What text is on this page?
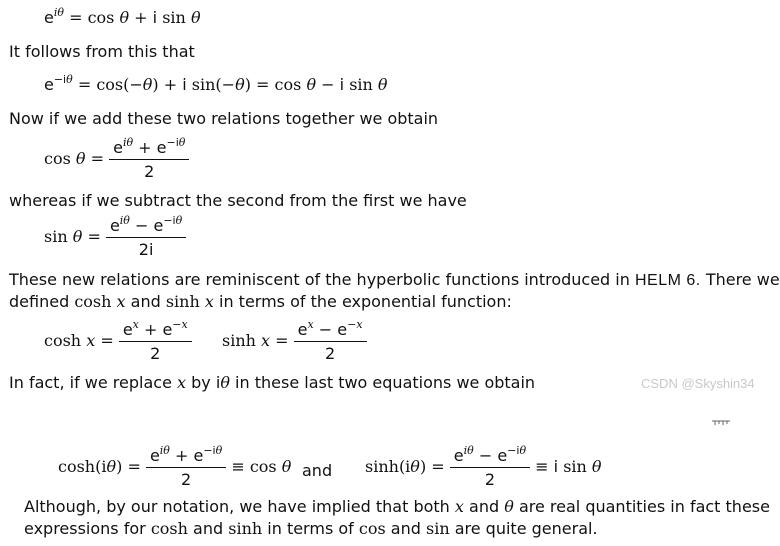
$e^{i\theta} = \cos \theta + i$ sin θ
It follows from this that
$e^{-i\theta} = \cos(-\theta) + i$ sin(−θ) = cos θ − i sin θ
Now if we add these two relations together we obtain
$\cos \theta = \frac{e^{i\theta} + e^{-i\theta}}{2}$
whereas if we subtract the second from the first we have
$\sin \theta = \frac{e^{i\theta} - e^{-i\theta}}{2i}$
These new relations are reminiscent of the hyperbolic functions introduced in HELM 6. There we
defined cosh x and sinh x in terms of the exponential function:
$\cosh x = \frac{e^x + e^{-x}}{2}$ $\sinh x = \frac{e^x - e^{-x}}{2}$
In fact, if we replace x by iθ in these last two equations we obtain	CSDN @Skyshin34
$\cosh(i\theta) = \frac{e^{i\theta} + e^{-i\theta}}{2} \equiv \cos \theta$ and $\sinh(i\theta) = \frac{e^{i\theta} - e^{-i\theta}}{2} \equiv i$ sin θ
Although, by our notation, we have implied that both x and θ are real quantities in fact these
expressions for cosh and sinh in terms of cos and sin are quite general.
